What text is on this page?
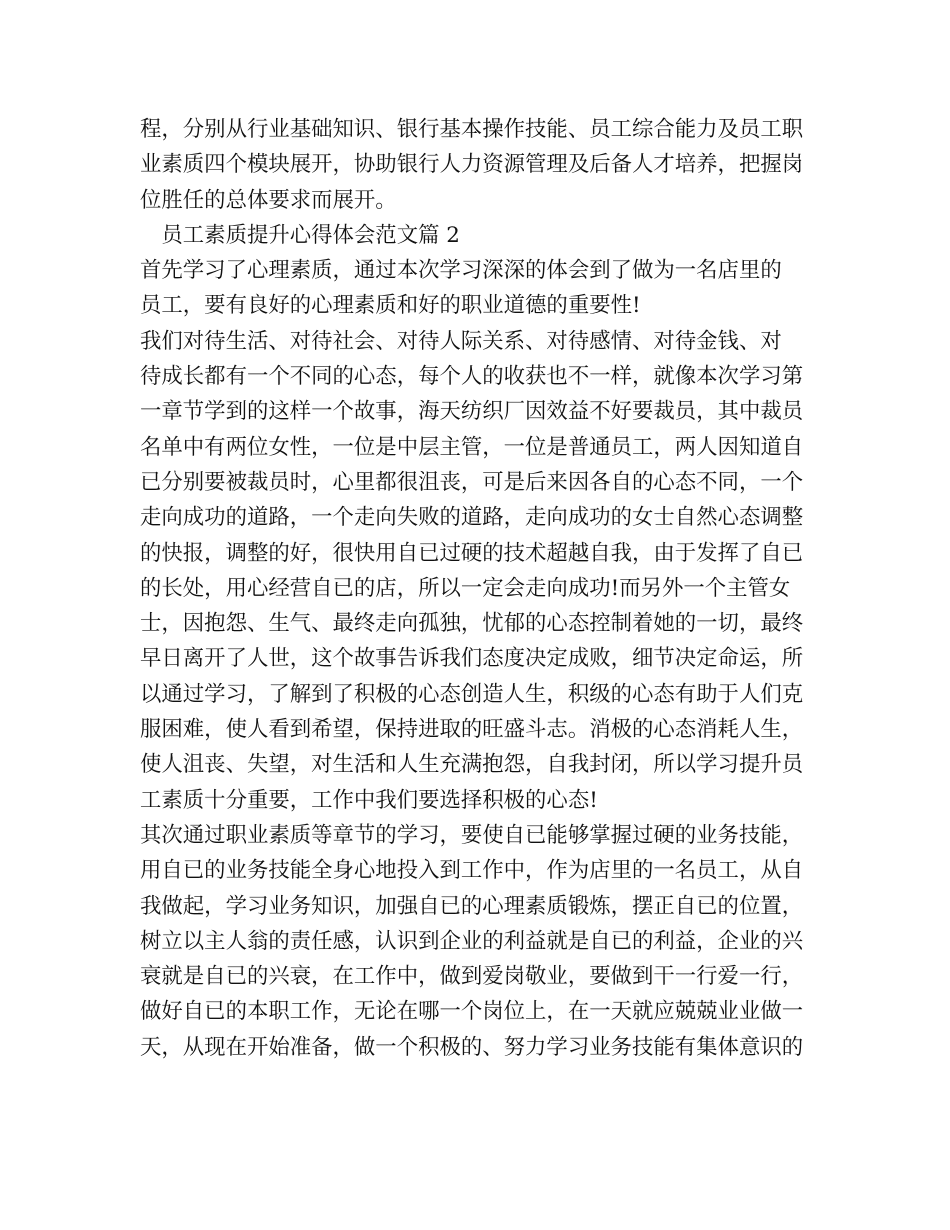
程，分别从行业基础知识、银行基本操作技能、员工综合能力及员工职

业素质四个模块展开，协助银行人力资源管理及后备人才培养，把握岗

位胜任的总体要求而展开。

　员工素质提升心得体会范文篇 2

首先学习了心理素质，通过本次学习深深的体会到了做为一名店里的

员工，要有良好的心理素质和好的职业道德的重要性!

我们对待生活、对待社会、对待人际关系、对待感情、对待金钱、对

待成长都有一个不同的心态，每个人的收获也不一样，就像本次学习第

一章节学到的这样一个故事，海天纺织厂因效益不好要裁员，其中裁员

名单中有两位女性，一位是中层主管，一位是普通员工，两人因知道自

已分别要被裁员时，心里都很沮丧，可是后来因各自的心态不同，一个

走向成功的道路，一个走向失败的道路，走向成功的女士自然心态调整

的快报，调整的好，很快用自已过硬的技术超越自我，由于发挥了自已

的长处，用心经营自已的店，所以一定会走向成功!而另外一个主管女

士，因抱怨、生气、最终走向孤独，忧郁的心态控制着她的一切，最终

早日离开了人世，这个故事告诉我们态度决定成败，细节决定命运，所

以通过学习，了解到了积极的心态创造人生，积级的心态有助于人们克

服困难，使人看到希望，保持进取的旺盛斗志。消极的心态消耗人生，

使人沮丧、失望，对生活和人生充满抱怨，自我封闭，所以学习提升员

工素质十分重要，工作中我们要选择积极的心态!

其次通过职业素质等章节的学习，要使自已能够掌握过硬的业务技能，

用自已的业务技能全身心地投入到工作中，作为店里的一名员工，从自

我做起，学习业务知识，加强自已的心理素质锻炼，摆正自已的位置，

树立以主人翁的责任感，认识到企业的利益就是自已的利益，企业的兴

衰就是自已的兴衰，在工作中，做到爱岗敬业，要做到干一行爱一行，

做好自已的本职工作，无论在哪一个岗位上，在一天就应兢兢业业做一

天，从现在开始准备，做一个积极的、努力学习业务技能有集体意识的
